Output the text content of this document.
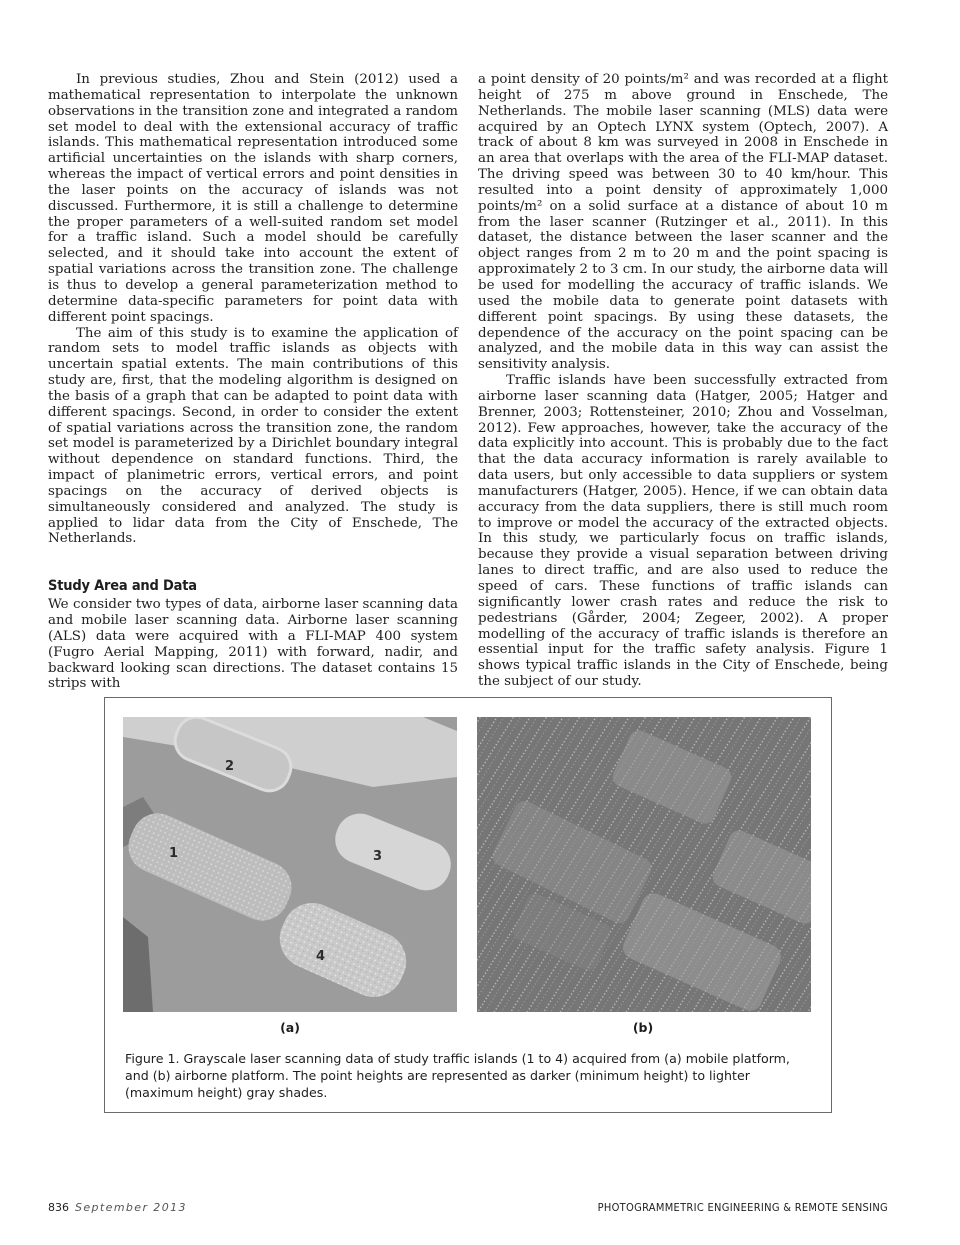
In previous studies, Zhou and Stein (2012) used a mathematical representation to interpolate the unknown observations in the transition zone and integrated a random set model to deal with the extensional accuracy of traffic islands. This mathematical representation introduced some artificial uncertainties on the islands with sharp corners, whereas the impact of vertical errors and point densities in the laser points on the accuracy of islands was not discussed. Furthermore, it is still a challenge to determine the proper parameters of a well-suited random set model for a traffic island. Such a model should be carefully selected, and it should take into account the extent of spatial variations across the transition zone. The challenge is thus to develop a general parameterization method to determine data-specific parameters for point data with different point spacings.

The aim of this study is to examine the application of random sets to model traffic islands as objects with uncertain spatial extents. The main contributions of this study are, first, that the modeling algorithm is designed on the basis of a graph that can be adapted to point data with different spacings. Second, in order to consider the extent of spatial variations across the transition zone, the random set model is parameterized by a Dirichlet boundary integral without dependence on standard functions. Third, the impact of planimetric errors, vertical errors, and point spacings on the accuracy of derived objects is simultaneously considered and analyzed. The study is applied to lidar data from the City of Enschede, The Netherlands.

Study Area and Data

We consider two types of data, airborne laser scanning data and mobile laser scanning data. Airborne laser scanning (ALS) data were acquired with a FLI-MAP 400 system (Fugro Aerial Mapping, 2011) with forward, nadir, and backward looking scan directions. The dataset contains 15 strips with

a point density of 20 points/m² and was recorded at a flight height of 275 m above ground in Enschede, The Netherlands. The mobile laser scanning (MLS) data were acquired by an Optech LYNX system (Optech, 2007). A track of about 8 km was surveyed in 2008 in Enschede in an area that overlaps with the area of the FLI-MAP dataset. The driving speed was between 30 to 40 km/hour. This resulted into a point density of approximately 1,000 points/m² on a solid surface at a distance of about 10 m from the laser scanner (Rutzinger et al., 2011). In this dataset, the distance between the laser scanner and the object ranges from 2 m to 20 m and the point spacing is approximately 2 to 3 cm. In our study, the airborne data will be used for modelling the accuracy of traffic islands. We used the mobile data to generate point datasets with different point spacings. By using these datasets, the dependence of the accuracy on the point spacing can be analyzed, and the mobile data in this way can assist the sensitivity analysis.

Traffic islands have been successfully extracted from airborne laser scanning data (Hatger, 2005; Hatger and Brenner, 2003; Rottensteiner, 2010; Zhou and Vosselman, 2012). Few approaches, however, take the accuracy of the data explicitly into account. This is probably due to the fact that the data accuracy information is rarely available to data users, but only accessible to data suppliers or system manufacturers (Hatger, 2005). Hence, if we can obtain data accuracy from the data suppliers, there is still much room to improve or model the accuracy of the extracted objects. In this study, we particularly focus on traffic islands, because they provide a visual separation between driving lanes to direct traffic, and are also used to reduce the speed of cars. These functions of traffic islands can significantly lower crash rates and reduce the risk to pedestrians (Gårder, 2004; Zegeer, 2002). A proper modelling of the accuracy of traffic islands is therefore an essential input for the traffic safety analysis. Figure 1 shows typical traffic islands in the City of Enschede, being the subject of our study.

2
1	3
4
(a)	(b)
Figure 1. Grayscale laser scanning data of study traffic islands (1 to 4) acquired from (a) mobile platform, and (b) airborne platform. The point heights are represented as darker (minimum height) to lighter (maximum height) gray shades.
836 September 2013	PHOTOGRAMMETRIC ENGINEERING & REMOTE SENSING
